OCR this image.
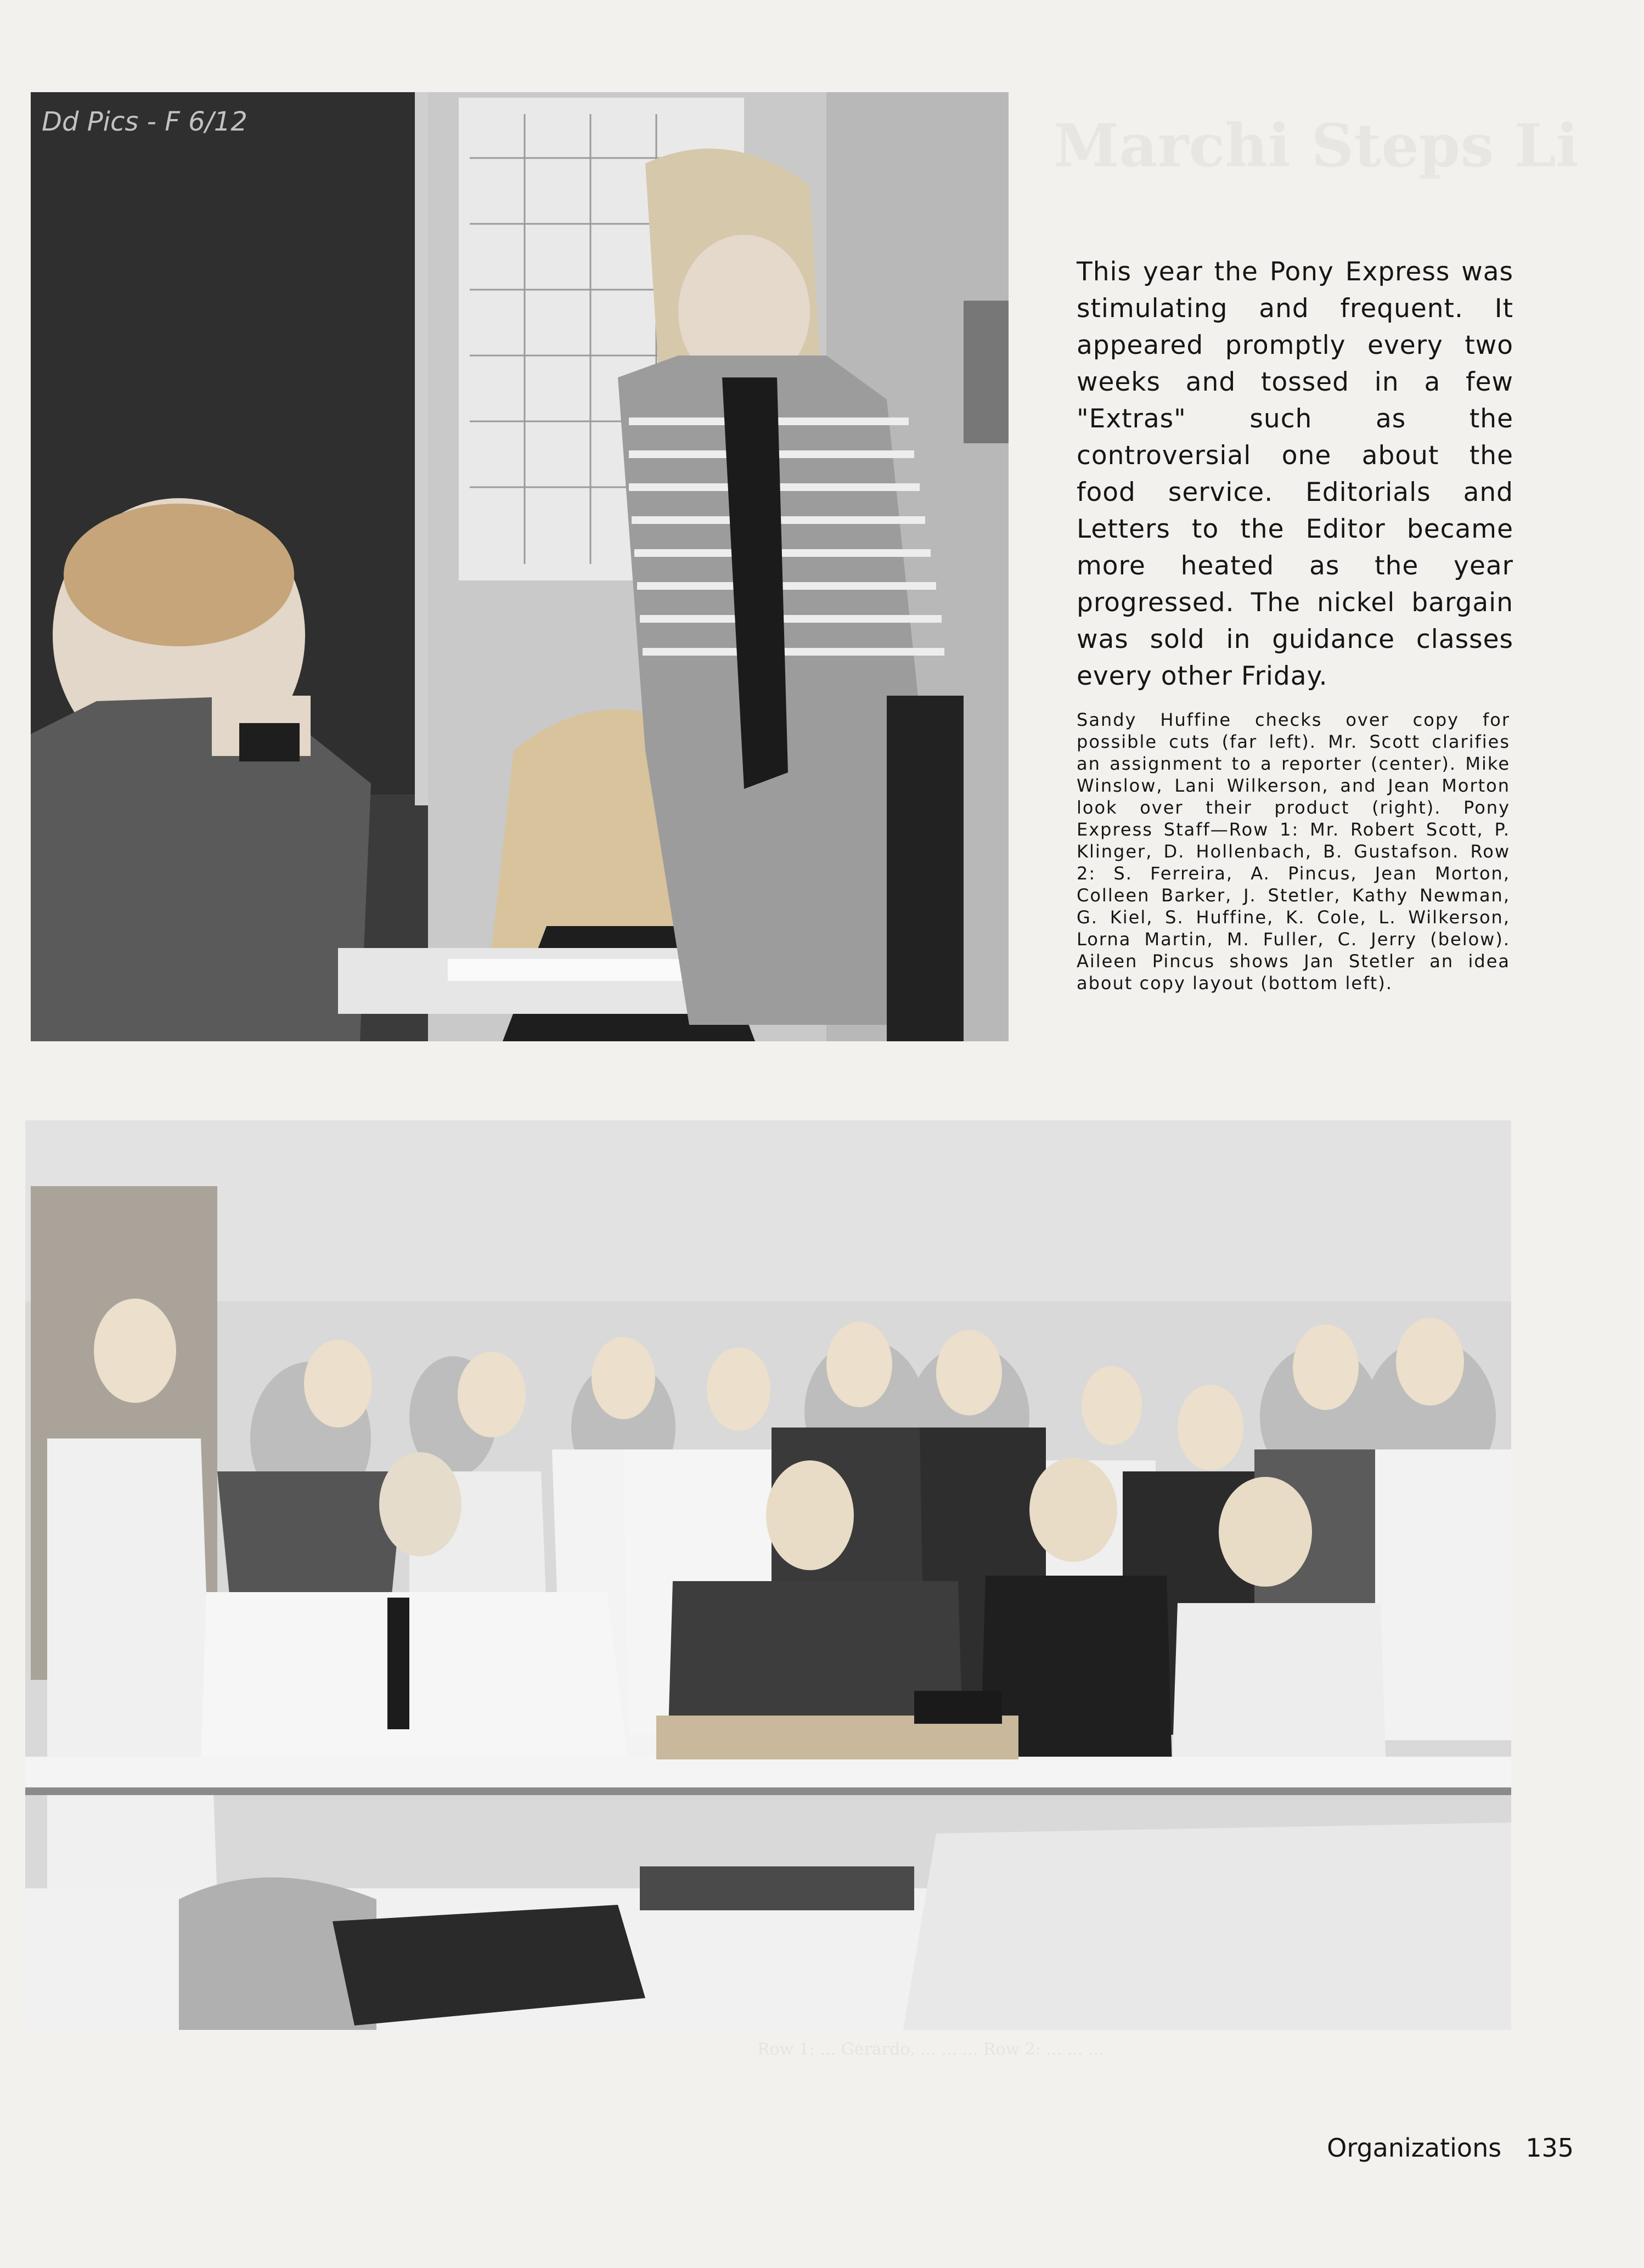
Marchi Steps Li
Dd Pics - F 6/12
This year the Pony Express was stimulating and frequent. It appeared promptly every two weeks and tossed in a few "Extras" such as the controversial one about the food service. Editorials and Letters to the Editor became more heated as the year progressed. The nickel bargain was sold in guidance classes every other Friday.
Sandy Huffine checks over copy for possible cuts (far left). Mr. Scott clarifies an assignment to a reporter (center). Mike Winslow, Lani Wilkerson, and Jean Morton look over their product (right). Pony Express Staff—Row 1: Mr. Robert Scott, P. Klinger, D. Hollenbach, B. Gustafson. Row 2: S. Ferreira, A. Pincus, Jean Morton, Colleen Barker, J. Stetler, Kathy Newman, G. Kiel, S. Huffine, K. Cole, L. Wilkerson, Lorna Martin, M. Fuller, C. Jerry (below). Aileen Pincus shows Jan Stetler an idea about copy layout (bottom left).
Row 1: ... Gerardo, ... ... ... Row 2: ... ... ...
Organizations 135
